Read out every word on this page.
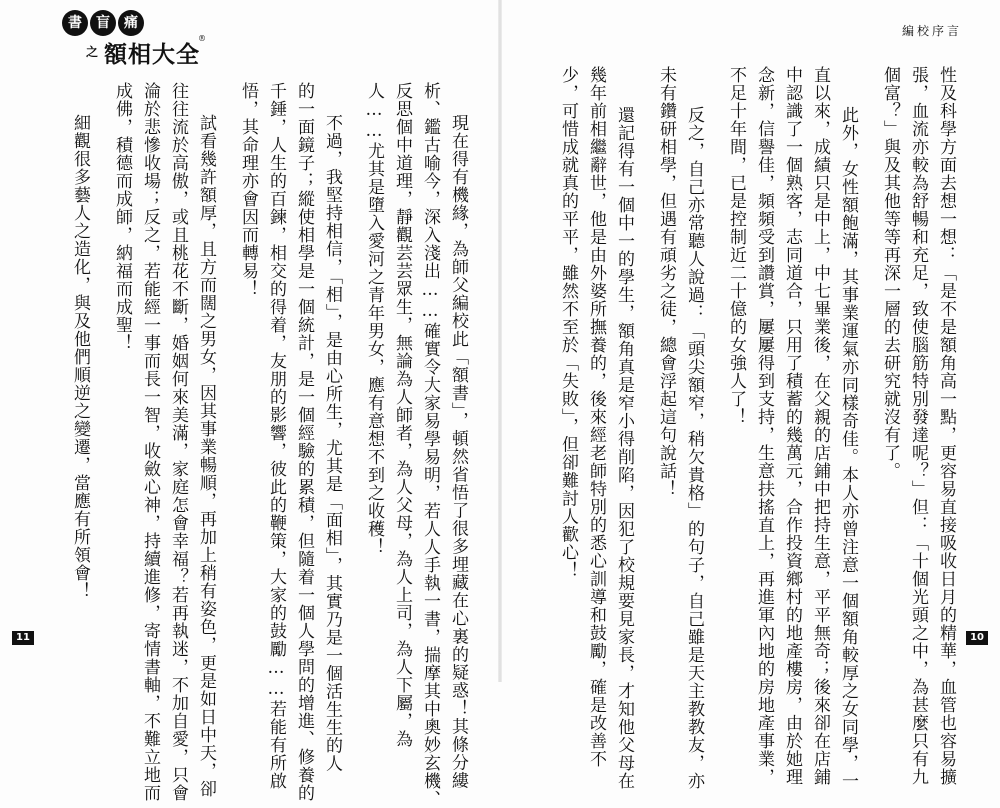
書	盲	痛
之 額相大全
®
現在得有機緣，為師父編校此「額書」，頓然省悟了很多埋藏在心裏的疑惑！其條分縷
析、鑑古喻今，深入淺出……確實令大家易學易明，若人人手執一書，揣摩其中奧妙玄機、
反思個中道理，靜觀芸芸眾生，無論為人師者，為人父母，為人上司，為人下屬，為
人……尤其是墮入愛河之青年男女，應有意想不到之收穫！
不過，我堅持相信，「相」，是由心所生，尤其是「面相」，其實乃是一個活生生的人
的一面鏡子；縱使相學是一個統計，是一個經驗的累積，但隨着一個人學問的增進、修養的
千錘，人生的百鍊，相交的得着，友朋的影響，彼此的鞭策，大家的鼓勵……若能有所啟
悟，其命理亦會因而轉易！
試看幾許額厚，且方而闊之男女，因其事業暢順，再加上稍有姿色，更是如日中天，卻
往往流於高傲，或且桃花不斷，婚姻何來美滿，家庭怎會幸福？若再執迷，不加自愛，只會
淪於悲慘收場；反之，若能經一事而長一智，收斂心神，持續進修，寄情書軸，不難立地而
成佛，積德而成師，納福而成聖！
細觀很多藝人之造化，與及他們順逆之變遷，當應有所領會！
11
編校序言
性及科學方面去想一想：「是不是額角高一點，更容易直接吸收日月的精華，血管也容易擴
張，血流亦較為舒暢和充足，致使腦筋特別發達呢？」但：「十個光頭之中，為甚麼只有九
個富？」與及其他等等再深一層的去研究就沒有了。
此外，女性額飽滿，其事業運氣亦同樣奇佳。本人亦曾注意一個額角較厚之女同學，一
直以來，成績只是中上，中七畢業後，在父親的店鋪中把持生意，平平無奇；後來卻在店鋪
中認識了一個熟客，志同道合，只用了積蓄的幾萬元，合作投資鄉村的地產樓房，由於她理
念新，信譽佳，頻頻受到讚賞，屢屢得到支持，生意扶搖直上，再進軍內地的房地產事業，
不足十年間，已是控制近二十億的女強人了！
反之，自己亦常聽人說過：「頭尖額窄，稍欠貴格」的句子，自己雖是天主教教友，亦
未有鑽研相學，但遇有頑劣之徒，總會浮起這句說話！
還記得有一個中一的學生，額角真是窄小得削陷，因犯了校規要見家長，才知他父母在
幾年前相繼辭世，他是由外婆所撫養的，後來經老師特別的悉心訓導和鼓勵，確是改善不
少，可惜成就真的平平，雖然不至於「失敗」，但卻難討人歡心！
10
